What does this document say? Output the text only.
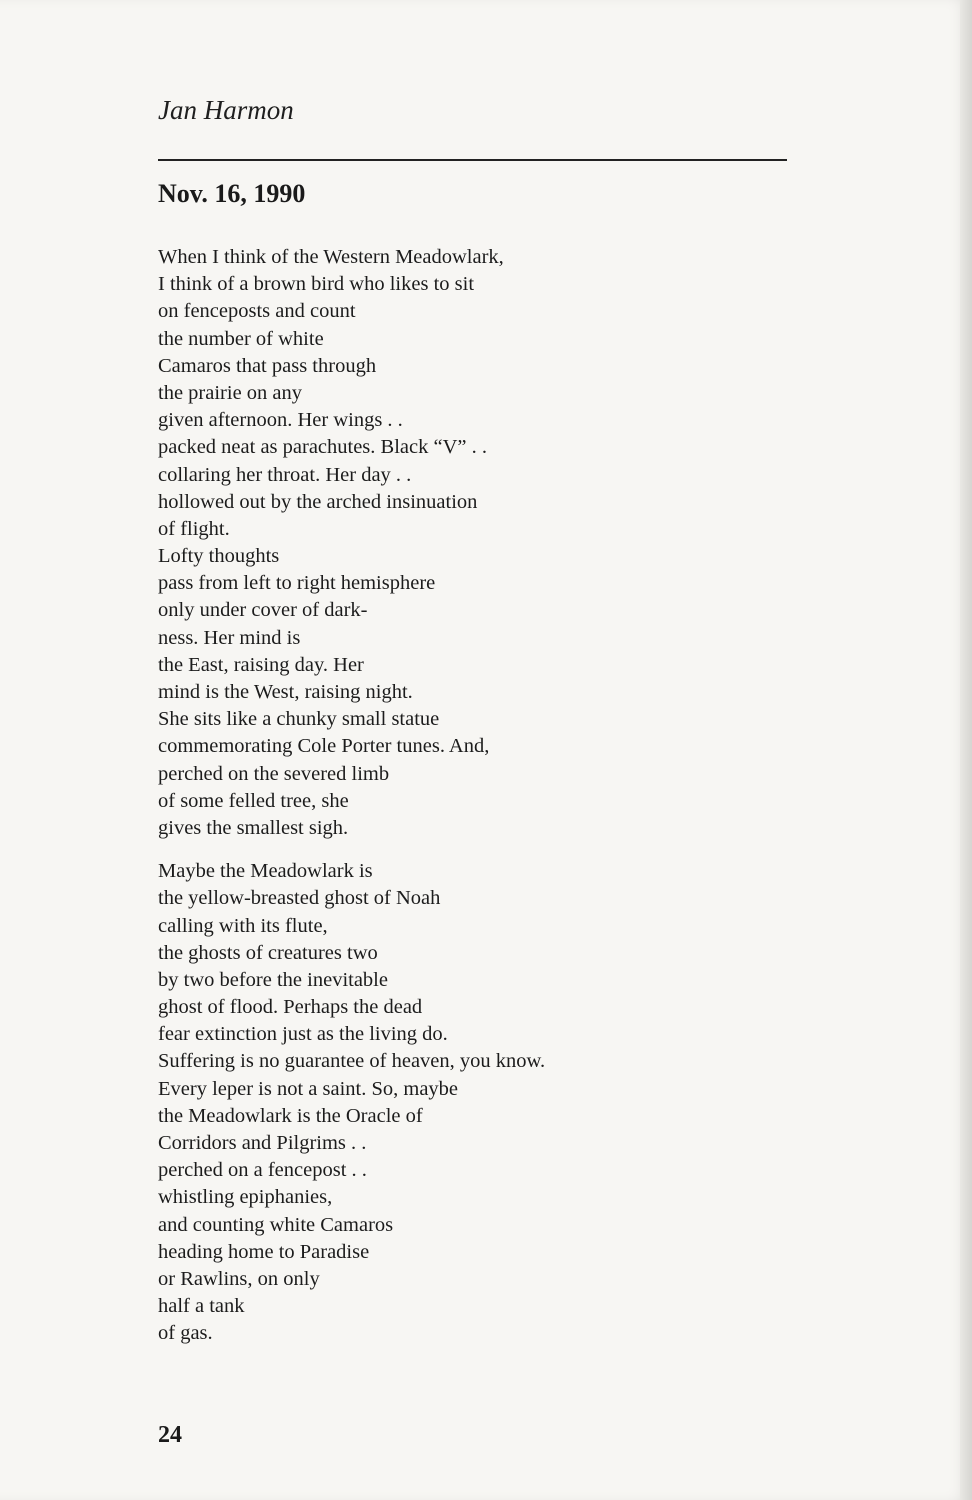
Jan Harmon
Nov. 16, 1990
When I think of the Western Meadowlark,
I think of a brown bird who likes to sit
on fenceposts and count
the number of white
Camaros that pass through
the prairie on any
given afternoon. Her wings . .
packed neat as parachutes. Black “V” . .
collaring her throat. Her day . .
hollowed out by the arched insinuation
of flight.
Lofty thoughts
pass from left to right hemisphere
only under cover of dark-
ness. Her mind is
the East, raising day. Her
mind is the West, raising night.
She sits like a chunky small statue
commemorating Cole Porter tunes. And,
perched on the severed limb
of some felled tree, she
gives the smallest sigh.
Maybe the Meadowlark is
the yellow-breasted ghost of Noah
calling with its flute,
the ghosts of creatures two
by two before the inevitable
ghost of flood. Perhaps the dead
fear extinction just as the living do.
Suffering is no guarantee of heaven, you know.
Every leper is not a saint. So, maybe
the Meadowlark is the Oracle of
Corridors and Pilgrims . .
perched on a fencepost . .
whistling epiphanies,
and counting white Camaros
heading home to Paradise
or Rawlins, on only
half a tank
of gas.
24
